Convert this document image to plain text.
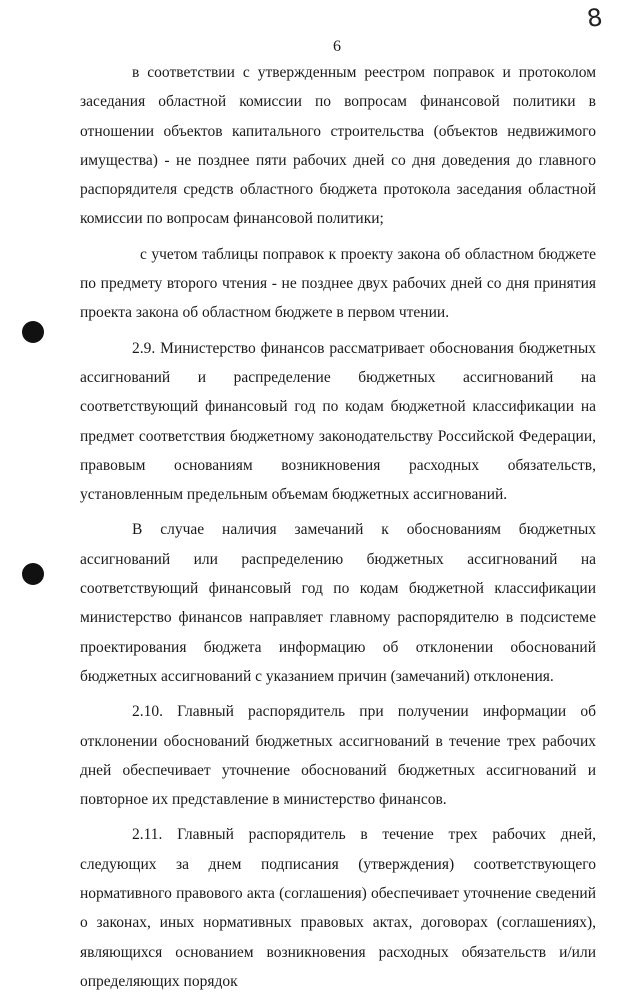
8
6

в соответствии с утвержденным реестром поправок и протоколом заседания областной комиссии по вопросам финансовой политики в отношении объектов капитального строительства (объектов недвижимого имущества) - не позднее пяти рабочих дней со дня доведения до главного распорядителя средств областного бюджета протокола заседания областной комиссии по вопросам финансовой политики;

с учетом таблицы поправок к проекту закона об областном бюджете по предмету второго чтения - не позднее двух рабочих дней со дня принятия проекта закона об областном бюджете в первом чтении.

2.9. Министерство финансов рассматривает обоснования бюджетных ассигнований и распределение бюджетных ассигнований на соответствующий финансовый год по кодам бюджетной классификации на предмет соответствия бюджетному законодательству Российской Федерации, правовым основаниям возникновения расходных обязательств, установленным предельным объемам бюджетных ассигнований.

В случае наличия замечаний к обоснованиям бюджетных ассигнований или распределению бюджетных ассигнований на соответствующий финансовый год по кодам бюджетной классификации министерство финансов направляет главному распорядителю в подсистеме проектирования бюджета информацию об отклонении обоснований бюджетных ассигнований с указанием причин (замечаний) отклонения.

2.10. Главный распорядитель при получении информации об отклонении обоснований бюджетных ассигнований в течение трех рабочих дней обеспечивает уточнение обоснований бюджетных ассигнований и повторное их представление в министерство финансов.

2.11. Главный распорядитель в течение трех рабочих дней, следующих за днем подписания (утверждения) соответствующего нормативного правового акта (соглашения) обеспечивает уточнение сведений о законах, иных нормативных правовых актах, договорах (соглашениях), являющихся основанием возникновения расходных обязательств и/или определяющих порядок
